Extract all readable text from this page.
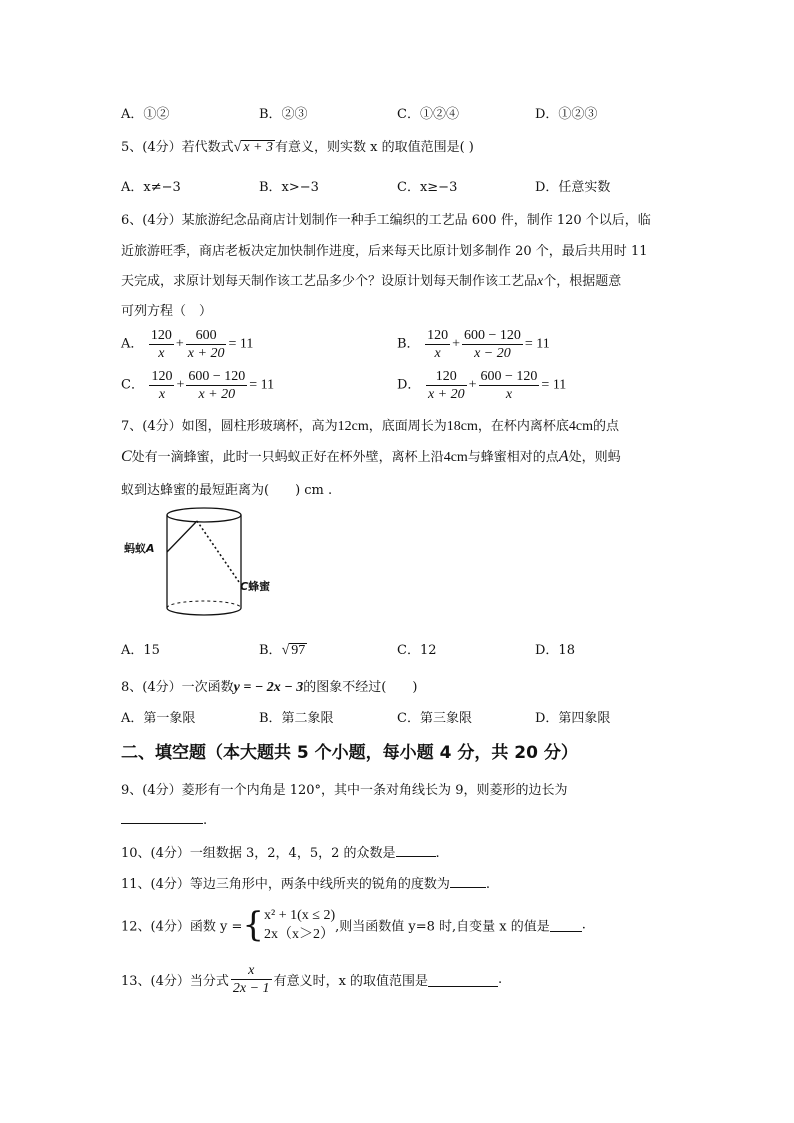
A．①②	B．②③	C．①②④	D．①②③
5、(4分）若代数式√ x + 3 有意义，则实数 x 的取值范围是( )
A．x≠−3	B．x>−3	C．x≥−3	D．任意实数
6、(4分）某旅游纪念品商店计划制作一种手工编织的工艺品 600 件，制作 120 个以后，临
近旅游旺季，商店老板决定加快制作进度，后来每天比原计划多制作 20 个，最后共用时 11
天完成，求原计划每天制作该工艺品多少个？设原计划每天制作该工艺品x个，根据题意
可列方程（　）
A． $\frac{120}{x} + \frac{600}{x + 20} = 11$	B． $\frac{120}{x} + \frac{600 - 120}{x - 20} = 11$
C． $\frac{120}{x} + \frac{600 - 120}{x + 20} = 11$	D． $\frac{120}{x + 20} + \frac{600 - 120}{x} = 11$
7、(4分）如图，圆柱形玻璃杯，高为12cm，底面周长为18cm，在杯内离杯底4cm的点
C处有一滴蜂蜜，此时一只蚂蚁正好在杯外壁，离杯上沿4cm与蜂蜜相对的点A处，则蚂
蚁到达蜂蜜的最短距离为(　　) cm .
蚂蚁A
C蜂蜜
A．15	B．√ 97	C．12	D．18
8、(4分）一次函数y = − 2x − 3的图象不经过(　　)
A．第一象限	B．第二象限	C．第三象限	D．第四象限
二、填空题（本大题共 5 个小题，每小题 4 分，共 20 分）
9、(4分）菱形有一个内角是 120°，其中一条对角线长为 9，则菱形的边长为
.
10、(4分）一组数据 3，2，4，5，2 的众数是	.
11、(4分）等边三角形中，两条中线所夹的锐角的度数为	.
12、(4分）函数 y ={ x² + 1(x ≤ 2)
2x（x＞2） ,则当函数值 y=8 时,自变量 x 的值是 .
13、(4分）当分式 $\frac{x}{2x - 1}$ 有意义时，x 的取值范围是	.
